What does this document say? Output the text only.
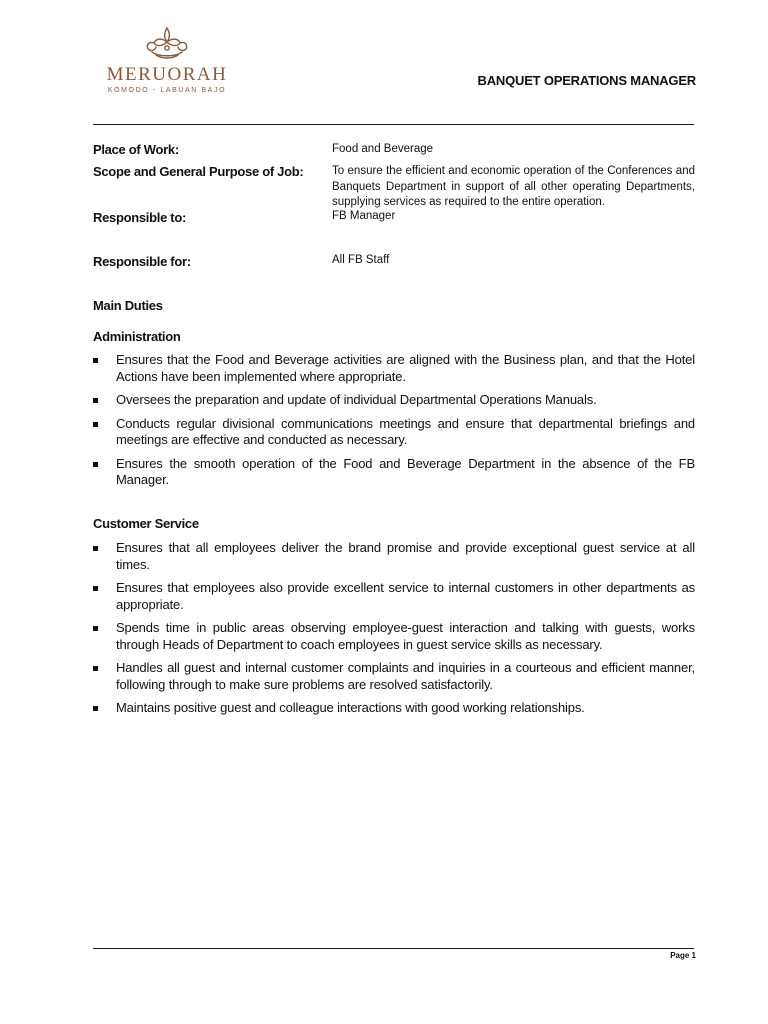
MERUORAH
KOMODO - LABUAN BAJO
BANQUET OPERATIONS MANAGER
Place of Work:	Food and Beverage
Scope and General Purpose of Job: To ensure the efficient and economic operation of the Conferences and Banquets Department in support of all other operating Departments, supplying services as required to the entire operation.
Responsible to:	FB Manager
Responsible for:	All FB Staff
Main Duties
Administration
Ensures that the Food and Beverage activities are aligned with the Business plan, and that the Hotel Actions have been implemented where appropriate.
Oversees the preparation and update of individual Departmental Operations Manuals.
Conducts regular divisional communications meetings and ensure that departmental briefings and meetings are effective and conducted as necessary.
Ensures the smooth operation of the Food and Beverage Department in the absence of the FB Manager.
Customer Service
Ensures that all employees deliver the brand promise and provide exceptional guest service at all times.
Ensures that employees also provide excellent service to internal customers in other departments as appropriate.
Spends time in public areas observing employee-guest interaction and talking with guests, works through Heads of Department to coach employees in guest service skills as necessary.
Handles all guest and internal customer complaints and inquiries in a courteous and efficient manner, following through to make sure problems are resolved satisfactorily.
Maintains positive guest and colleague interactions with good working relationships.
Page 1
